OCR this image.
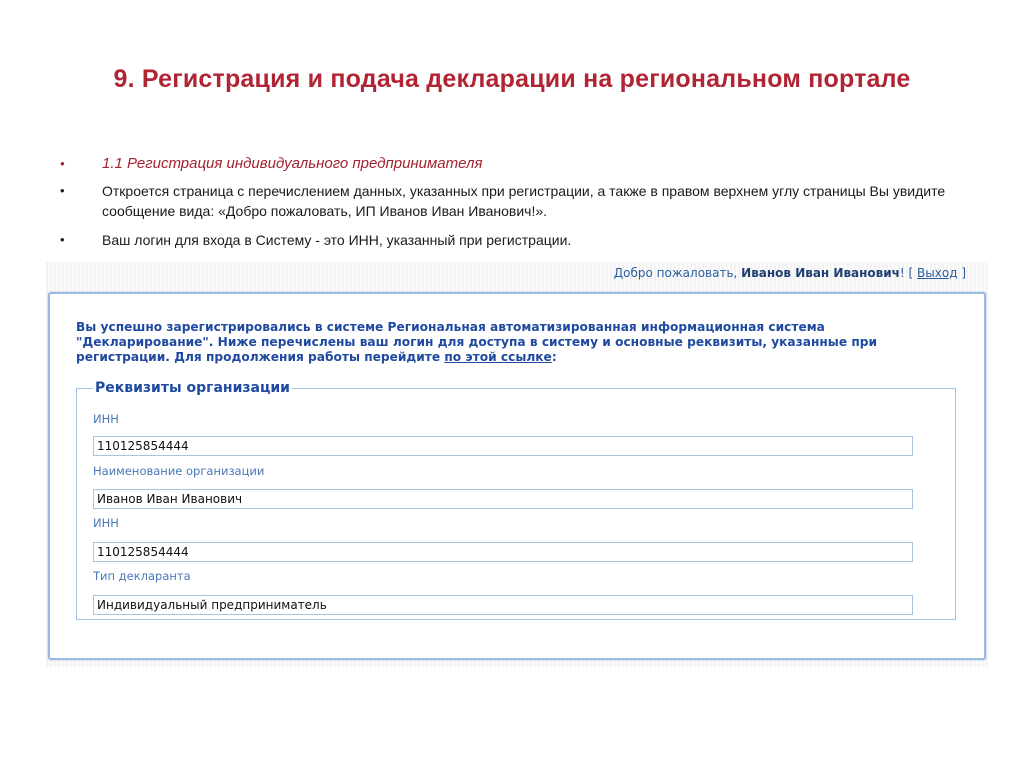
9. Регистрация и подача декларации на региональном портале
• 1.1 Регистрация индивидуального предпринимателя
•	Откроется страница с перечислением данных, указанных при регистрации, а также в правом верхнем углу страницы Вы увидите сообщение вида: «Добро пожаловать, ИП Иванов Иван Иванович!».
•	Ваш логин для входа в Систему - это ИНН, указанный при регистрации.
Добро пожаловать, Иванов Иван Иванович! [ Выход ]
Вы успешно зарегистрировались в системе Региональная автоматизированная информационная система "Декларирование". Ниже перечислены ваш логин для доступа в систему и основные реквизиты, указанные при регистрации. Для продолжения работы перейдите по этой ссылке:
Реквизиты организации
ИНН
110125854444
Наименование организации
Иванов Иван Иванович
ИНН
110125854444
Тип декларанта
Индивидуальный предприниматель
